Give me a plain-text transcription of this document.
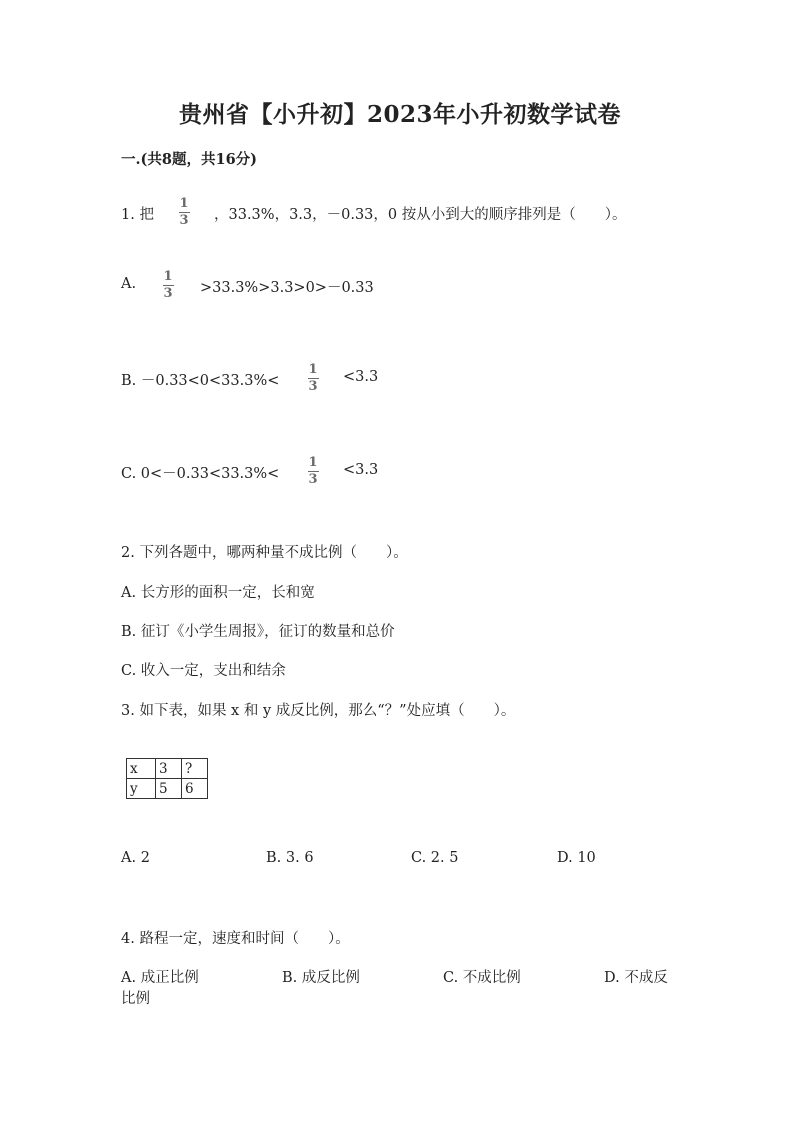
贵州省【小升初】2023年小升初数学试卷
一.(共8题，共16分)
1. 把
1
3 ，33.3%，3.3，－0.33，0 按从小到大的顺序排列是（　　）。
A. 1
3 >33.3%>3.3>0>－0.33
B. －0.33<0<33.3%<
1
3
<3.3
C. 0<－0.33<33.3%<
1
3
<3.3
2. 下列各题中，哪两种量不成比例（　　）。
A. 长方形的面积一定，长和宽
B. 征订《小学生周报》，征订的数量和总价
C. 收入一定，支出和结余
3. 如下表，如果 x 和 y 成反比例，那么“？”处应填（　　）。
x	3	?
y	5	6
A. 2	B. 3. 6	C. 2. 5	D. 10
4. 路程一定，速度和时间（　　）。
A. 成正比例	B. 成反比例	C. 不成比例	D. 不成反
比例
